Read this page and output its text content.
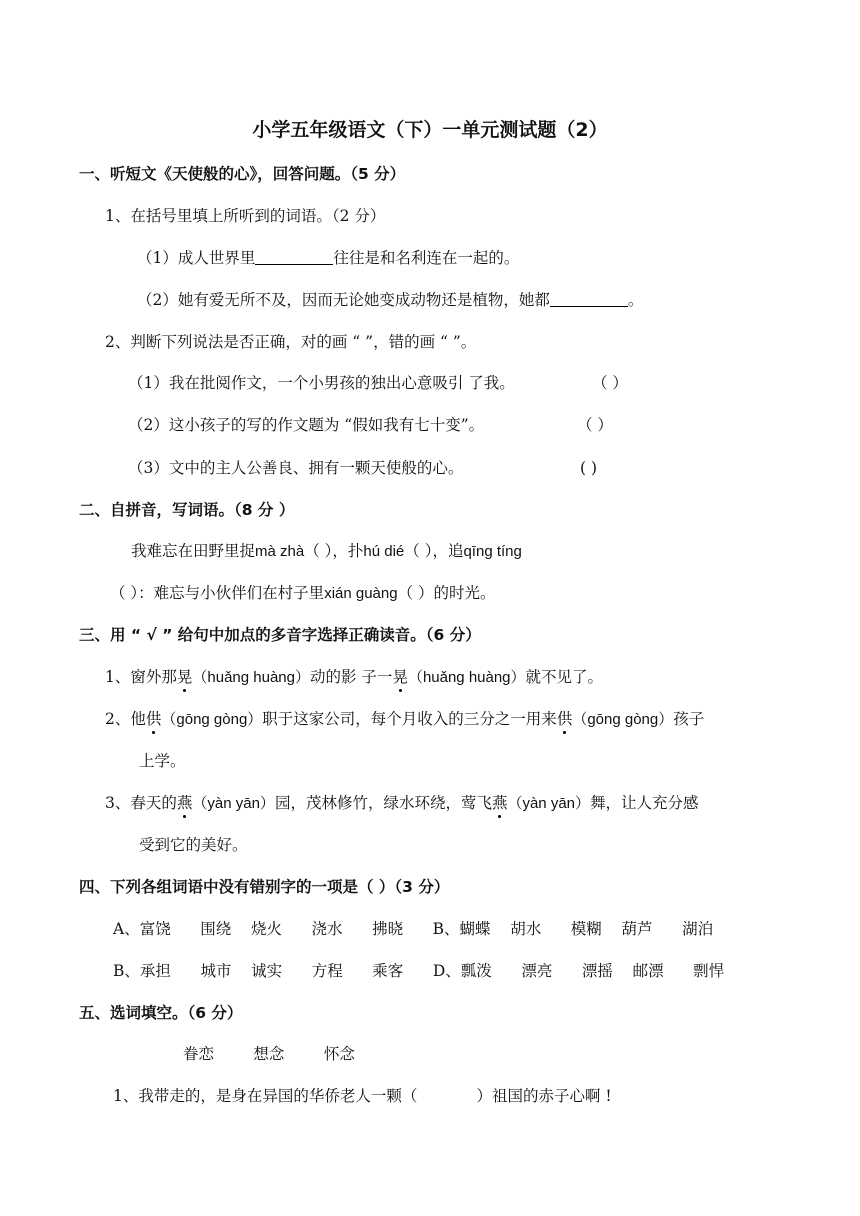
小学五年级语文（下）一单元测试题（2）
一、听短文《天使般的心》，回答问题。（5 分）
1、在括号里填上所听到的词语。（2 分）
（1）成人世界里	往往是和名利连在一起的。
（2）她有爱无所不及，因而无论她变成动物还是植物，她都	。
2、判断下列说法是否正确，对的画 “ ”，错的画 “ ”。
（1）我在批阅作文，一个小男孩的独出心意吸引 了我。	（ ）
（2）这小孩子的写的作文题为 “假如我有七十变”。	（ ）
（3）文中的主人公善良、拥有一颗天使般的心。	( )
二、自拼音，写词语。（8 分 ）
我难忘在田野里捉mà zhà（ ），扑hú dié（ ），追qīng tíng
（ ）：难忘与小伙伴们在村子里xián guàng（ ）的时光。
三、用 “ √ ” 给句中加点的多音字选择正确读音。（6 分）
1、窗外那晃（huǎng huàng）动的影 子一晃（huǎng huàng）就不见了。
2、他供（gōng gòng）职于这家公司，每个月收入的三分之一用来供（gōng gòng）孩子
上学。
3、春天的燕（yàn yān）园，茂林修竹，绿水环绕，莺飞燕（yàn yān）舞，让人充分感
受到它的美好。
四、下列各组词语中没有错别字的一项是（ ）（3 分）
A、富饶      围绕    烧火      浇水      拂晓      B、蝴蝶    胡水      模糊    葫芦      湖泊
B、承担      城市    诚实      方程      乘客      D、瓢泼      漂亮      漂摇    邮漂      剽悍
五、选词填空。（6 分）
眷恋        想念        怀念
1、我带走的，是身在异国的华侨老人一颗（            ）祖国的赤子心啊 !
